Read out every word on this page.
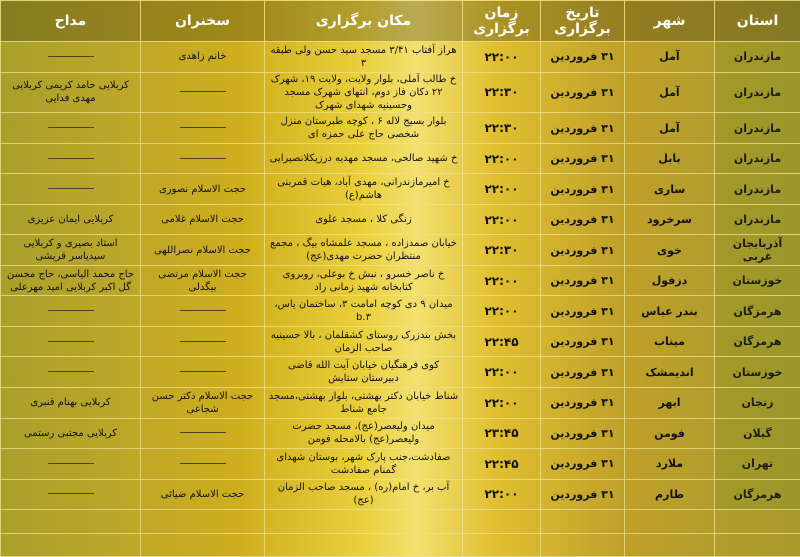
استان	شهر	تاریخ برگزاری	زمان برگزاری	مکان برگزاری	سخنران	مداح
مازندران	آمل	۳۱ فروردین	۲۲:۰۰	هراز آفتاب ۳/۴۱ مسجد سید حسن ولی طبقه ۳	خانم زاهدی	
مازندران	آمل	۳۱ فروردین	۲۲:۳۰	خ طالب آملی، بلوار ولایت، ولایت ۱۹، شهرک ۲۲ دکان فاز دوم، انتهای شهرک مسجد وحسینیه شهدای شهرک		کربلایی حامد کریمی کربلایی مهدی فدایی
مازندران	آمل	۳۱ فروردین	۲۲:۳۰	بلوار بسیج لاله ۶ ، کوچه طبرستان منزل شخصی حاج علی حمزه ای		
مازندران	بابل	۳۱ فروردین	۲۲:۰۰	خ شهید صالحی، مسجد مهدیه درزیکلانصیرایی		
مازندران	ساری	۳۱ فروردین	۲۲:۰۰	خ امیرمازندرانی، مهدی آباد، هیات قمربنی هاشم(ع)	حجت الاسلام نصوری	
مازندران	سرخرود	۳۱ فروردین	۲۲:۰۰	زنگی کلا ، مسجد علوی	حجت الاسلام غلامی	کربلایی ایمان عزیزی
آذربایجان غربی	خوی	۳۱ فروردین	۲۲:۳۰	خیابان صمدزاده ، مسجد علمشاه بیگ ، مجمع منتظران حضرت مهدی(عج)	حجت الاسلام نصراللهی	استاد بصیری و کربلایی سیدیاسر قریشی
خوزستان	دزفول	۳۱ فروردین	۲۲:۰۰	خ ناصر خسرو ، نبش خ بوعلی، روبروی کتابخانه شهید زمانی راد	حجت الاسلام مرتضی بیگدلی	حاج محمد الیاسی، حاج محسن گل اکبر کربلایی امید مهرعلی
هرمزگان	بندر عباس	۳۱ فروردین	۲۲:۰۰	میدان ۹ دی کوچه امامت ۳، ساختمان یاس، b.۳		
هرمزگان	میناب	۳۱ فروردین	۲۲:۴۵	بخش بندزرک روستای کشقلمان ، بالا حسینیه صاحب الزمان		
خوزستان	اندیمشک	۳۱ فروردین	۲۲:۰۰	کوی فرهنگیان خیابان آیت الله قاضی دبیرستان ستایش		
زنجان	ابهر	۳۱ فروردین	۲۲:۰۰	شناط خیابان دکتر بهشتی، بلوار بهشتی،مسجد جامع شناط	حجت الاسلام دکتر حسن شجاعی	کربلایی بهنام قنبری
گیلان	فومن	۳۱ فروردین	۲۳:۴۵	میدان ولیعصر(عج)، مسجد حضرت ولیعصر(عج) بالامحله فومن		کربلایی مجتبی رستمی
تهران	ملارد	۳۱ فروردین	۲۲:۴۵	صفادشت،جنب پارک شهر، بوستان شهدای گمنام صفادشت		
هرمزگان	طارم	۳۱ فروردین	۲۲:۰۰	آب بر، خ امام(ره) ، مسجد صاحب الزمان (عج)	حجت الاسلام ضیائی	
